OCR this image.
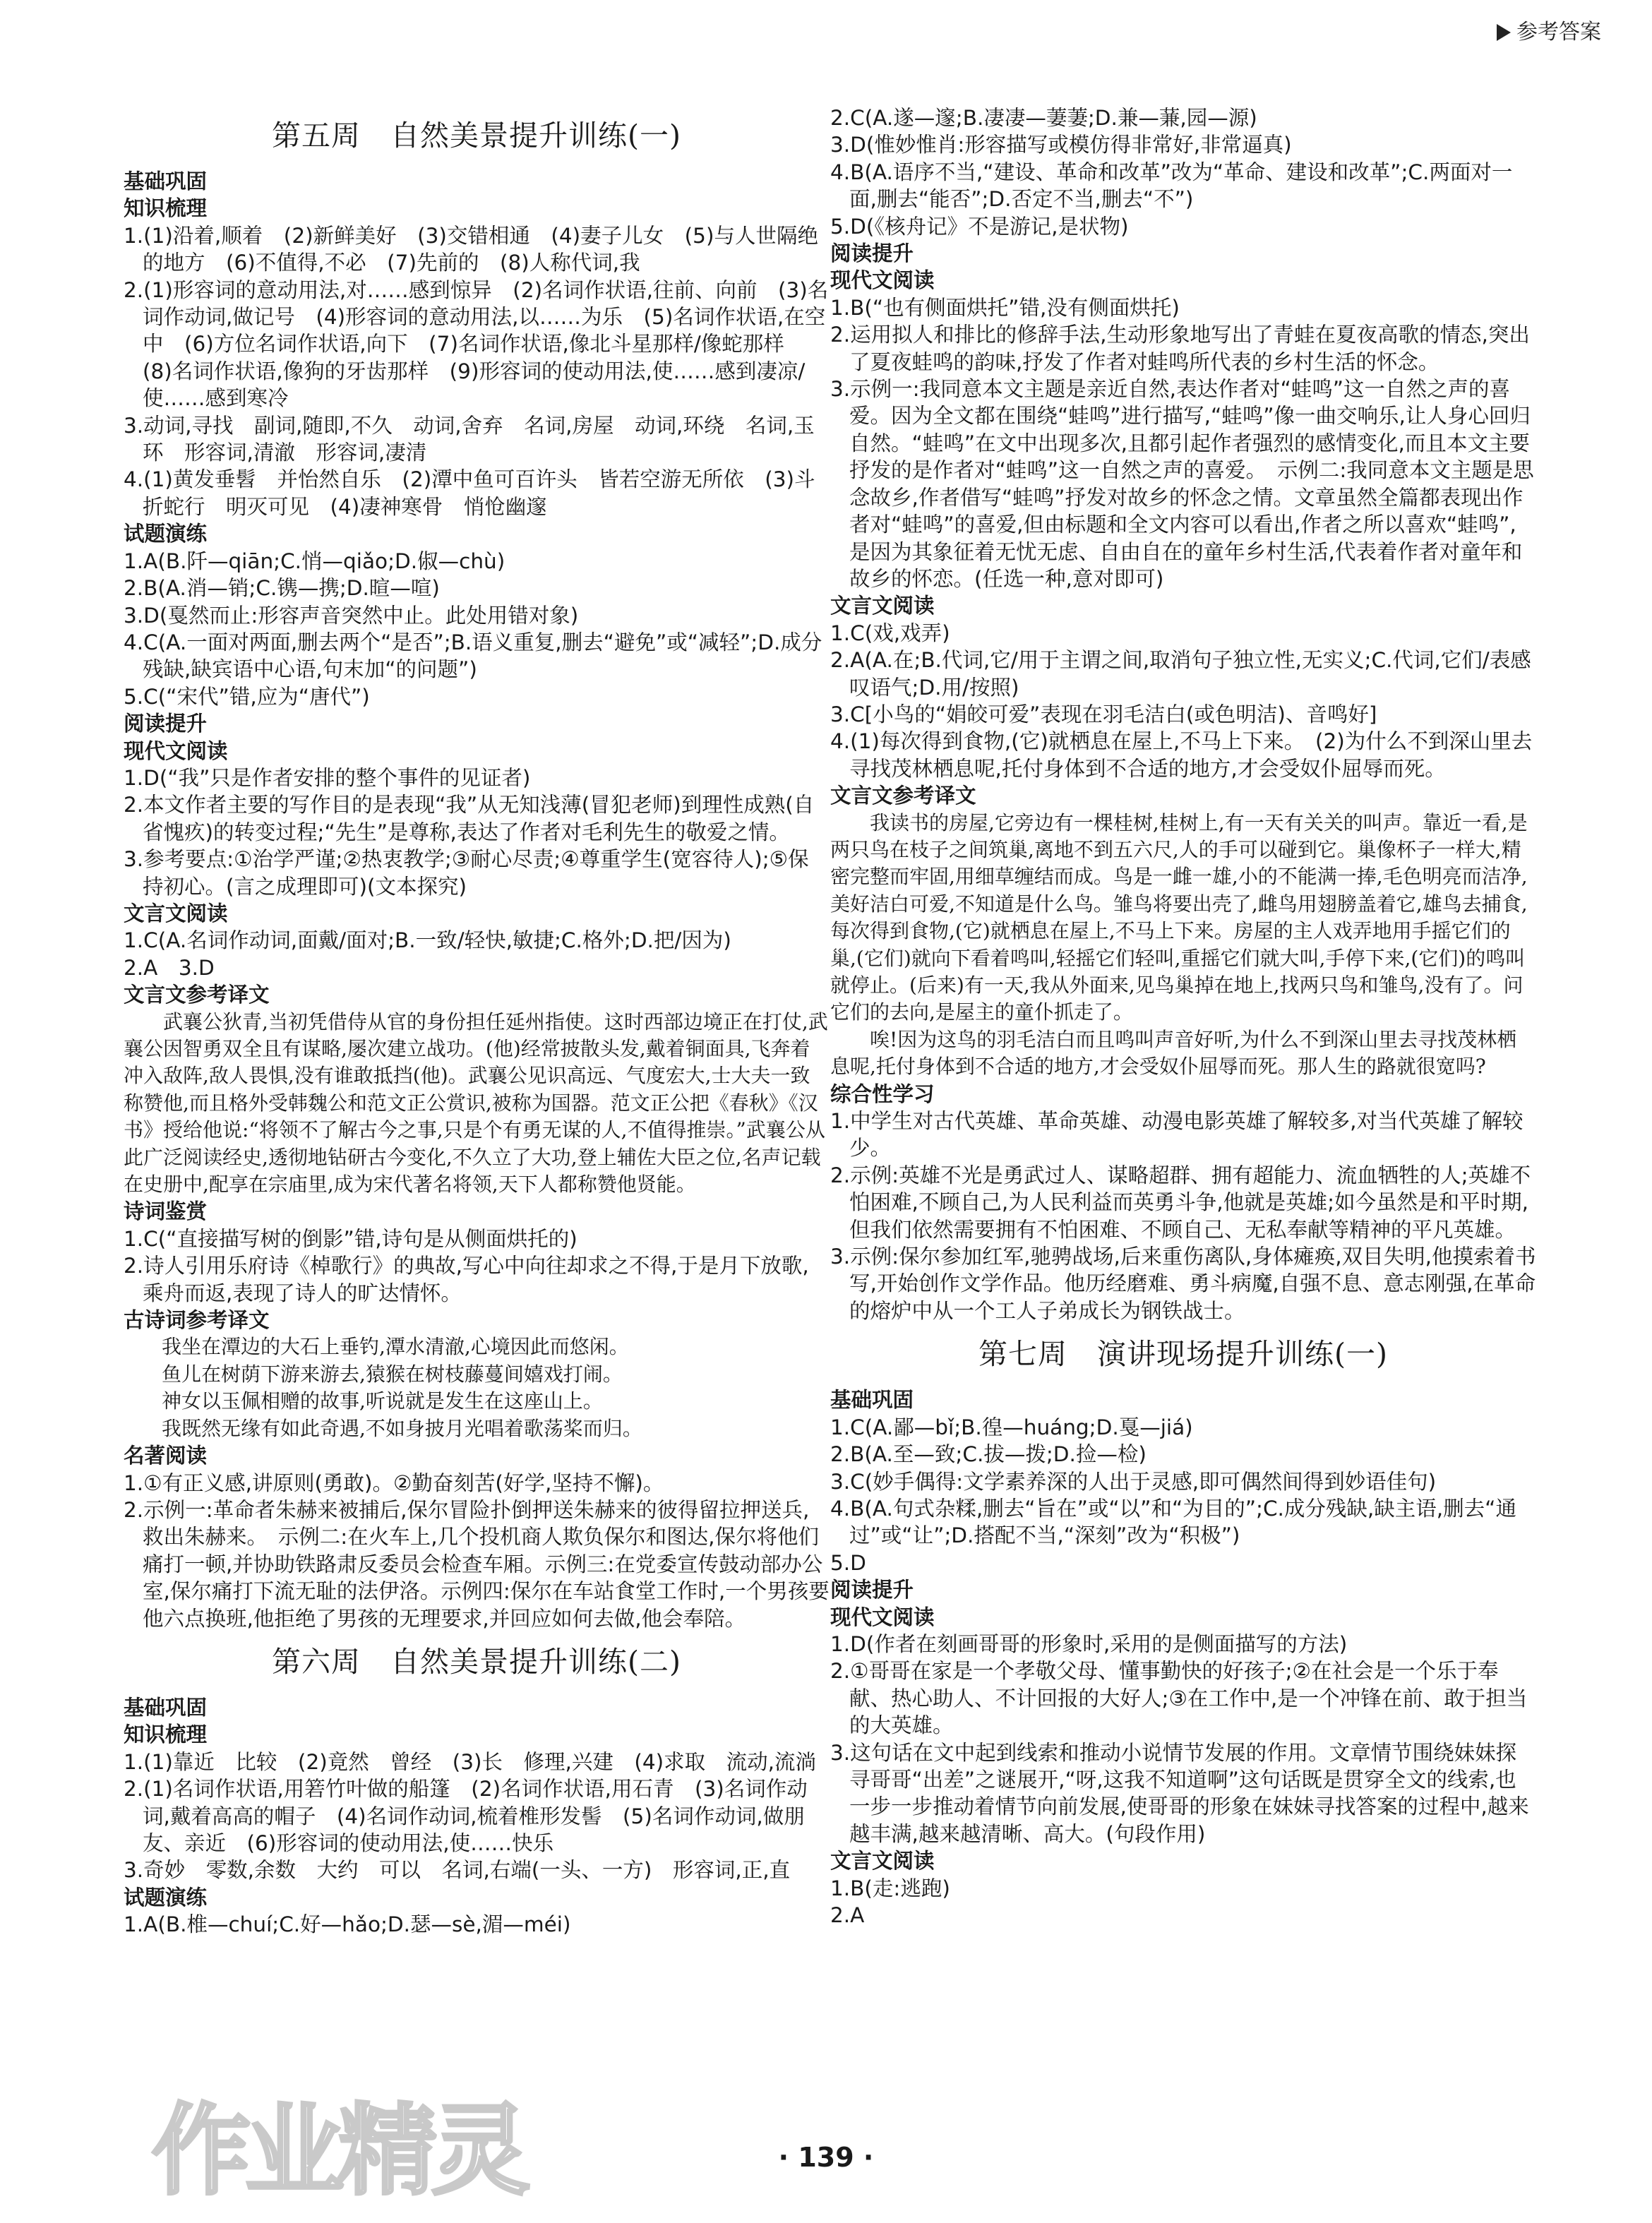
参考答案
第五周　自然美景提升训练(一)
基础巩固
知识梳理
1.(1)沿着,顺着　(2)新鲜美好　(3)交错相通　(4)妻子儿女　(5)与人世隔绝的地方　(6)不值得,不必　(7)先前的　(8)人称代词,我
2.(1)形容词的意动用法,对……感到惊异　(2)名词作状语,往前、向前　(3)名词作动词,做记号　(4)形容词的意动用法,以……为乐　(5)名词作状语,在空中　(6)方位名词作状语,向下　(7)名词作状语,像北斗星那样/像蛇那样　(8)名词作状语,像狗的牙齿那样　(9)形容词的使动用法,使……感到凄凉/使……感到寒冷
3.动词,寻找　副词,随即,不久　动词,舍弃　名词,房屋　动词,环绕　名词,玉环　形容词,清澈　形容词,凄清
4.(1)黄发垂髫　并怡然自乐　(2)潭中鱼可百许头　皆若空游无所依　(3)斗折蛇行　明灭可见　(4)凄神寒骨　悄怆幽邃
试题演练
1.A(B.阡—qiān;C.悄—qiǎo;D.俶—chù)
2.B(A.消—销;C.镌—携;D.暄—喧)
3.D(戛然而止:形容声音突然中止。此处用错对象)
4.C(A.一面对两面,删去两个“是否”;B.语义重复,删去“避免”或“减轻”;D.成分残缺,缺宾语中心语,句末加“的问题”)
5.C(“宋代”错,应为“唐代”)
阅读提升
现代文阅读
1.D(“我”只是作者安排的整个事件的见证者)
2.本文作者主要的写作目的是表现“我”从无知浅薄(冒犯老师)到理性成熟(自省愧疚)的转变过程;“先生”是尊称,表达了作者对毛利先生的敬爱之情。
3.参考要点:①治学严谨;②热衷教学;③耐心尽责;④尊重学生(宽容待人);⑤保持初心。(言之成理即可)(文本探究)
文言文阅读
1.C(A.名词作动词,面戴/面对;B.一致/轻快,敏捷;C.格外;D.把/因为)
2.A　3.D
文言文参考译文
武襄公狄青,当初凭借侍从官的身份担任延州指使。这时西部边境正在打仗,武襄公因智勇双全且有谋略,屡次建立战功。(他)经常披散头发,戴着铜面具,飞奔着冲入敌阵,敌人畏惧,没有谁敢抵挡(他)。武襄公见识高远、气度宏大,士大夫一致称赞他,而且格外受韩魏公和范文正公赏识,被称为国器。范文正公把《春秋》《汉书》授给他说:“将领不了解古今之事,只是个有勇无谋的人,不值得推崇。”武襄公从此广泛阅读经史,透彻地钻研古今变化,不久立了大功,登上辅佐大臣之位,名声记载在史册中,配享在宗庙里,成为宋代著名将领,天下人都称赞他贤能。
诗词鉴赏
1.C(“直接描写树的倒影”错,诗句是从侧面烘托的)
2.诗人引用乐府诗《棹歌行》的典故,写心中向往却求之不得,于是月下放歌,乘舟而返,表现了诗人的旷达情怀。
古诗词参考译文
我坐在潭边的大石上垂钓,潭水清澈,心境因此而悠闲。
鱼儿在树荫下游来游去,猿猴在树枝藤蔓间嬉戏打闹。
神女以玉佩相赠的故事,听说就是发生在这座山上。
我既然无缘有如此奇遇,不如身披月光唱着歌荡桨而归。
名著阅读
1.①有正义感,讲原则(勇敢)。②勤奋刻苦(好学,坚持不懈)。
2.示例一:革命者朱赫来被捕后,保尔冒险扑倒押送朱赫来的彼得留拉押送兵,救出朱赫来。　示例二:在火车上,几个投机商人欺负保尔和图达,保尔将他们痛打一顿,并协助铁路肃反委员会检查车厢。示例三:在党委宣传鼓动部办公室,保尔痛打下流无耻的法伊洛。示例四:保尔在车站食堂工作时,一个男孩要他六点换班,他拒绝了男孩的无理要求,并回应如何去做,他会奉陪。
第六周　自然美景提升训练(二)
基础巩固
知识梳理
1.(1)靠近　比较　(2)竟然　曾经　(3)长　修理,兴建　(4)求取　流动,流淌
2.(1)名词作状语,用箬竹叶做的船篷　(2)名词作状语,用石青　(3)名词作动词,戴着高高的帽子　(4)名词作动词,梳着椎形发髻　(5)名词作动词,做朋友、亲近　(6)形容词的使动用法,使……快乐
3.奇妙　零数,余数　大约　可以　名词,右端(一头、一方)　形容词,正,直
试题演练
1.A(B.椎—chuí;C.好—hǎo;D.瑟—sè,湄—méi)
2.C(A.遂—邃;B.凄凄—萋萋;D.兼—蒹,园—源)
3.D(惟妙惟肖:形容描写或模仿得非常好,非常逼真)
4.B(A.语序不当,“建设、革命和改革”改为“革命、建设和改革”;C.两面对一面,删去“能否”;D.否定不当,删去“不”)
5.D(《核舟记》不是游记,是状物)
阅读提升
现代文阅读
1.B(“也有侧面烘托”错,没有侧面烘托)
2.运用拟人和排比的修辞手法,生动形象地写出了青蛙在夏夜高歌的情态,突出了夏夜蛙鸣的韵味,抒发了作者对蛙鸣所代表的乡村生活的怀念。
3.示例一:我同意本文主题是亲近自然,表达作者对“蛙鸣”这一自然之声的喜爱。因为全文都在围绕“蛙鸣”进行描写,“蛙鸣”像一曲交响乐,让人身心回归自然。“蛙鸣”在文中出现多次,且都引起作者强烈的感情变化,而且本文主要抒发的是作者对“蛙鸣”这一自然之声的喜爱。　示例二:我同意本文主题是思念故乡,作者借写“蛙鸣”抒发对故乡的怀念之情。文章虽然全篇都表现出作者对“蛙鸣”的喜爱,但由标题和全文内容可以看出,作者之所以喜欢“蛙鸣”,是因为其象征着无忧无虑、自由自在的童年乡村生活,代表着作者对童年和故乡的怀恋。(任选一种,意对即可)
文言文阅读
1.C(戏,戏弄)
2.A(A.在;B.代词,它/用于主谓之间,取消句子独立性,无实义;C.代词,它们/表感叹语气;D.用/按照)
3.C[小鸟的“娟皎可爱”表现在羽毛洁白(或色明洁)、音鸣好]
4.(1)每次得到食物,(它)就栖息在屋上,不马上下来。　(2)为什么不到深山里去寻找茂林栖息呢,托付身体到不合适的地方,才会受奴仆屈辱而死。
文言文参考译文
我读书的房屋,它旁边有一棵桂树,桂树上,有一天有关关的叫声。靠近一看,是两只鸟在枝子之间筑巢,离地不到五六尺,人的手可以碰到它。巢像杯子一样大,精密完整而牢固,用细草缠结而成。鸟是一雌一雄,小的不能满一捧,毛色明亮而洁净,美好洁白可爱,不知道是什么鸟。雏鸟将要出壳了,雌鸟用翅膀盖着它,雄鸟去捕食,每次得到食物,(它)就栖息在屋上,不马上下来。房屋的主人戏弄地用手摇它们的巢,(它们)就向下看着鸣叫,轻摇它们轻叫,重摇它们就大叫,手停下来,(它们)的鸣叫就停止。(后来)有一天,我从外面来,见鸟巢掉在地上,找两只鸟和雏鸟,没有了。问它们的去向,是屋主的童仆抓走了。
唉!因为这鸟的羽毛洁白而且鸣叫声音好听,为什么不到深山里去寻找茂林栖息呢,托付身体到不合适的地方,才会受奴仆屈辱而死。那人生的路就很宽吗?
综合性学习
1.中学生对古代英雄、革命英雄、动漫电影英雄了解较多,对当代英雄了解较少。
2.示例:英雄不光是勇武过人、谋略超群、拥有超能力、流血牺牲的人;英雄不怕困难,不顾自己,为人民利益而英勇斗争,他就是英雄;如今虽然是和平时期,但我们依然需要拥有不怕困难、不顾自己、无私奉献等精神的平凡英雄。
3.示例:保尔参加红军,驰骋战场,后来重伤离队,身体瘫痪,双目失明,他摸索着书写,开始创作文学作品。他历经磨难、勇斗病魔,自强不息、意志刚强,在革命的熔炉中从一个工人子弟成长为钢铁战士。
第七周　演讲现场提升训练(一)
基础巩固
1.C(A.鄙—bǐ;B.徨—huáng;D.戛—jiá)
2.B(A.至—致;C.拔—拨;D.捡—检)
3.C(妙手偶得:文学素养深的人出于灵感,即可偶然间得到妙语佳句)
4.B(A.句式杂糅,删去“旨在”或“以”和“为目的”;C.成分残缺,缺主语,删去“通过”或“让”;D.搭配不当,“深刻”改为“积极”)
5.D
阅读提升
现代文阅读
1.D(作者在刻画哥哥的形象时,采用的是侧面描写的方法)
2.①哥哥在家是一个孝敬父母、懂事勤快的好孩子;②在社会是一个乐于奉献、热心助人、不计回报的大好人;③在工作中,是一个冲锋在前、敢于担当的大英雄。
3.这句话在文中起到线索和推动小说情节发展的作用。文章情节围绕妹妹探寻哥哥“出差”之谜展开,“呀,这我不知道啊”这句话既是贯穿全文的线索,也一步一步推动着情节向前发展,使哥哥的形象在妹妹寻找答案的过程中,越来越丰满,越来越清晰、高大。(句段作用)
文言文阅读
1.B(走:逃跑)
2.A
作业精灵	· 139 ·
